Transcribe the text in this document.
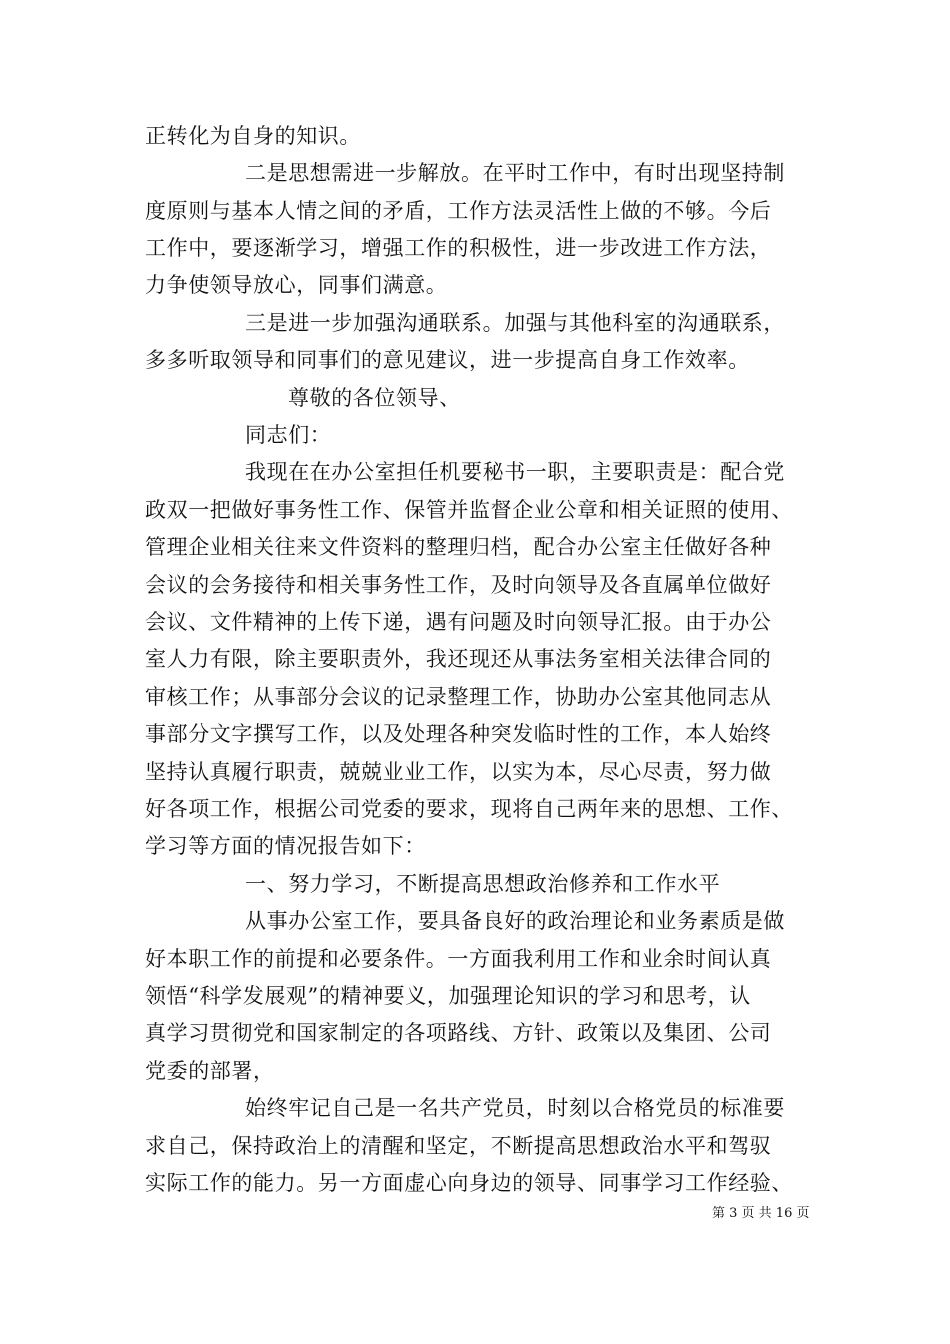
正转化为自身的知识。
二是思想需进一步解放。在平时工作中，有时出现坚持制
度原则与基本人情之间的矛盾，工作方法灵活性上做的不够。今后
工作中，要逐渐学习，增强工作的积极性，进一步改进工作方法，
力争使领导放心，同事们满意。
三是进一步加强沟通联系。加强与其他科室的沟通联系，
多多听取领导和同事们的意见建议，进一步提高自身工作效率。
尊敬的各位领导、
同志们：
我现在在办公室担任机要秘书一职，主要职责是：配合党
政双一把做好事务性工作、保管并监督企业公章和相关证照的使用、
管理企业相关往来文件资料的整理归档，配合办公室主任做好各种
会议的会务接待和相关事务性工作，及时向领导及各直属单位做好
会议、文件精神的上传下递，遇有问题及时向领导汇报。由于办公
室人力有限，除主要职责外，我还现还从事法务室相关法律合同的
审核工作；从事部分会议的记录整理工作，协助办公室其他同志从
事部分文字撰写工作，以及处理各种突发临时性的工作，本人始终
坚持认真履行职责，兢兢业业工作，以实为本，尽心尽责，努力做
好各项工作，根据公司党委的要求，现将自己两年来的思想、工作、
学习等方面的情况报告如下：
一、努力学习，不断提高思想政治修养和工作水平
从事办公室工作，要具备良好的政治理论和业务素质是做
好本职工作的前提和必要条件。一方面我利用工作和业余时间认真
领悟“科学发展观”的精神要义，加强理论知识的学习和思考，认
真学习贯彻党和国家制定的各项路线、方针、政策以及集团、公司
党委的部署，
始终牢记自己是一名共产党员，时刻以合格党员的标准要
求自己，保持政治上的清醒和坚定，不断提高思想政治水平和驾驭
实际工作的能力。另一方面虚心向身边的领导、同事学习工作经验、
第 3 页 共 16 页
